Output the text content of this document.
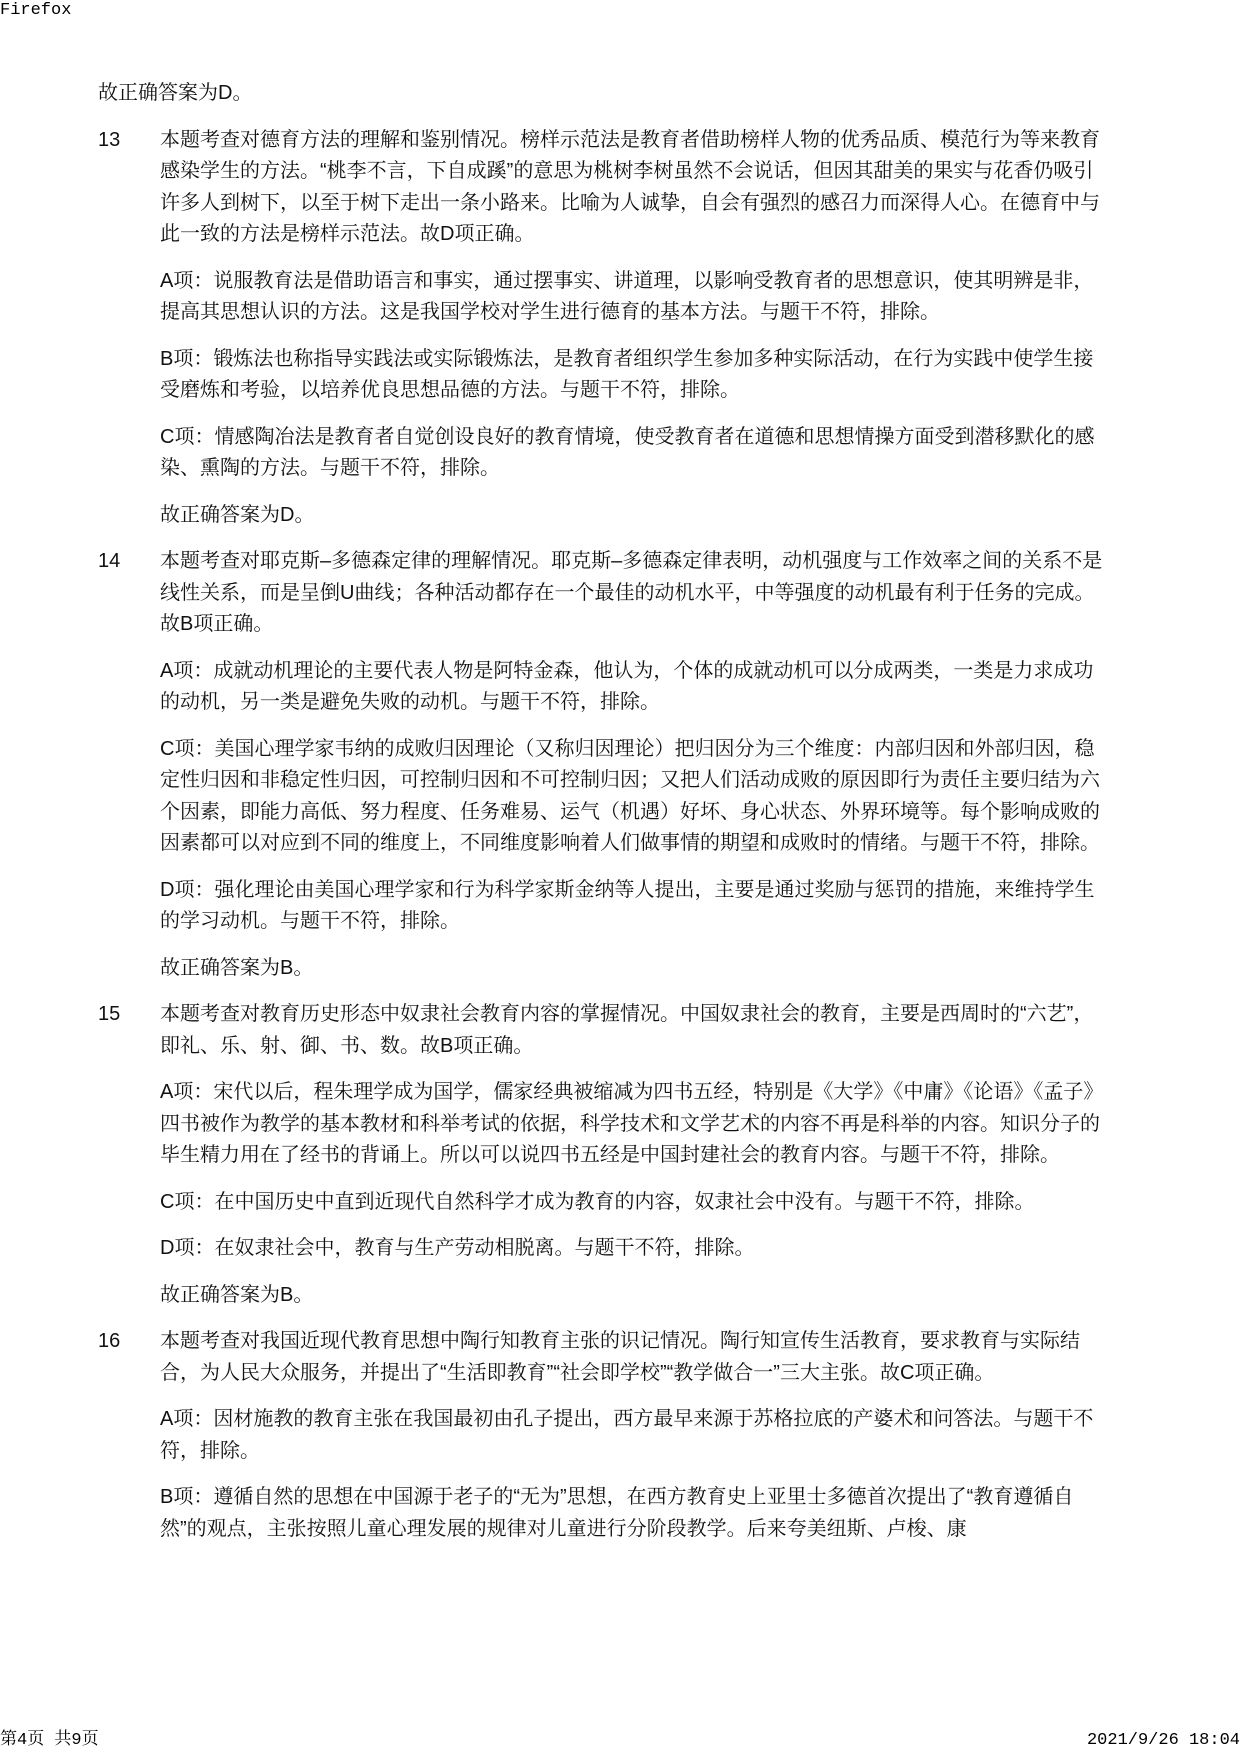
Firefox

故正确答案为D。

13	本题考查对德育方法的理解和鉴别情况。榜样示范法是教育者借助榜样人物的优秀品质、模范行为等来教育感染学生的方法。“桃李不言，下自成蹊”的意思为桃树李树虽然不会说话，但因其甜美的果实与花香仍吸引许多人到树下，以至于树下走出一条小路来。比喻为人诚挚，自会有强烈的感召力而深得人心。在德育中与此一致的方法是榜样示范法。故D项正确。

A项：说服教育法是借助语言和事实，通过摆事实、讲道理，以影响受教育者的思想意识，使其明辨是非，提高其思想认识的方法。这是我国学校对学生进行德育的基本方法。与题干不符，排除。

B项：锻炼法也称指导实践法或实际锻炼法，是教育者组织学生参加多种实际活动，在行为实践中使学生接受磨炼和考验，以培养优良思想品德的方法。与题干不符，排除。

C项：情感陶冶法是教育者自觉创设良好的教育情境，使受教育者在道德和思想情操方面受到潜移默化的感染、熏陶的方法。与题干不符，排除。

故正确答案为D。

14	本题考查对耶克斯–多德森定律的理解情况。耶克斯–多德森定律表明，动机强度与工作效率之间的关系不是线性关系，而是呈倒U曲线；各种活动都存在一个最佳的动机水平，中等强度的动机最有利于任务的完成。故B项正确。

A项：成就动机理论的主要代表人物是阿特金森，他认为，个体的成就动机可以分成两类，一类是力求成功的动机，另一类是避免失败的动机。与题干不符，排除。

C项：美国心理学家韦纳的成败归因理论（又称归因理论）把归因分为三个维度：内部归因和外部归因，稳定性归因和非稳定性归因，可控制归因和不可控制归因；又把人们活动成败的原因即行为责任主要归结为六个因素，即能力高低、努力程度、任务难易、运气（机遇）好坏、身心状态、外界环境等。每个影响成败的因素都可以对应到不同的维度上，不同维度影响着人们做事情的期望和成败时的情绪。与题干不符，排除。

D项：强化理论由美国心理学家和行为科学家斯金纳等人提出，主要是通过奖励与惩罚的措施，来维持学生的学习动机。与题干不符，排除。

故正确答案为B。

15	本题考查对教育历史形态中奴隶社会教育内容的掌握情况。中国奴隶社会的教育，主要是西周时的“六艺”，即礼、乐、射、御、书、数。故B项正确。

A项：宋代以后，程朱理学成为国学，儒家经典被缩减为四书五经，特别是《大学》《中庸》《论语》《孟子》四书被作为教学的基本教材和科举考试的依据，科学技术和文学艺术的内容不再是科举的内容。知识分子的毕生精力用在了经书的背诵上。所以可以说四书五经是中国封建社会的教育内容。与题干不符，排除。

C项：在中国历史中直到近现代自然科学才成为教育的内容，奴隶社会中没有。与题干不符，排除。

D项：在奴隶社会中，教育与生产劳动相脱离。与题干不符，排除。

故正确答案为B。

16	本题考查对我国近现代教育思想中陶行知教育主张的识记情况。陶行知宣传生活教育，要求教育与实际结合，为人民大众服务，并提出了“生活即教育”“社会即学校”“教学做合一”三大主张。故C项正确。

A项：因材施教的教育主张在我国最初由孔子提出，西方最早来源于苏格拉底的产婆术和问答法。与题干不符，排除。

B项：遵循自然的思想在中国源于老子的“无为”思想，在西方教育史上亚里士多德首次提出了“教育遵循自然”的观点，主张按照儿童心理发展的规律对儿童进行分阶段教学。后来夸美纽斯、卢梭、康

第4页 共9页	2021/9/26 18:04
